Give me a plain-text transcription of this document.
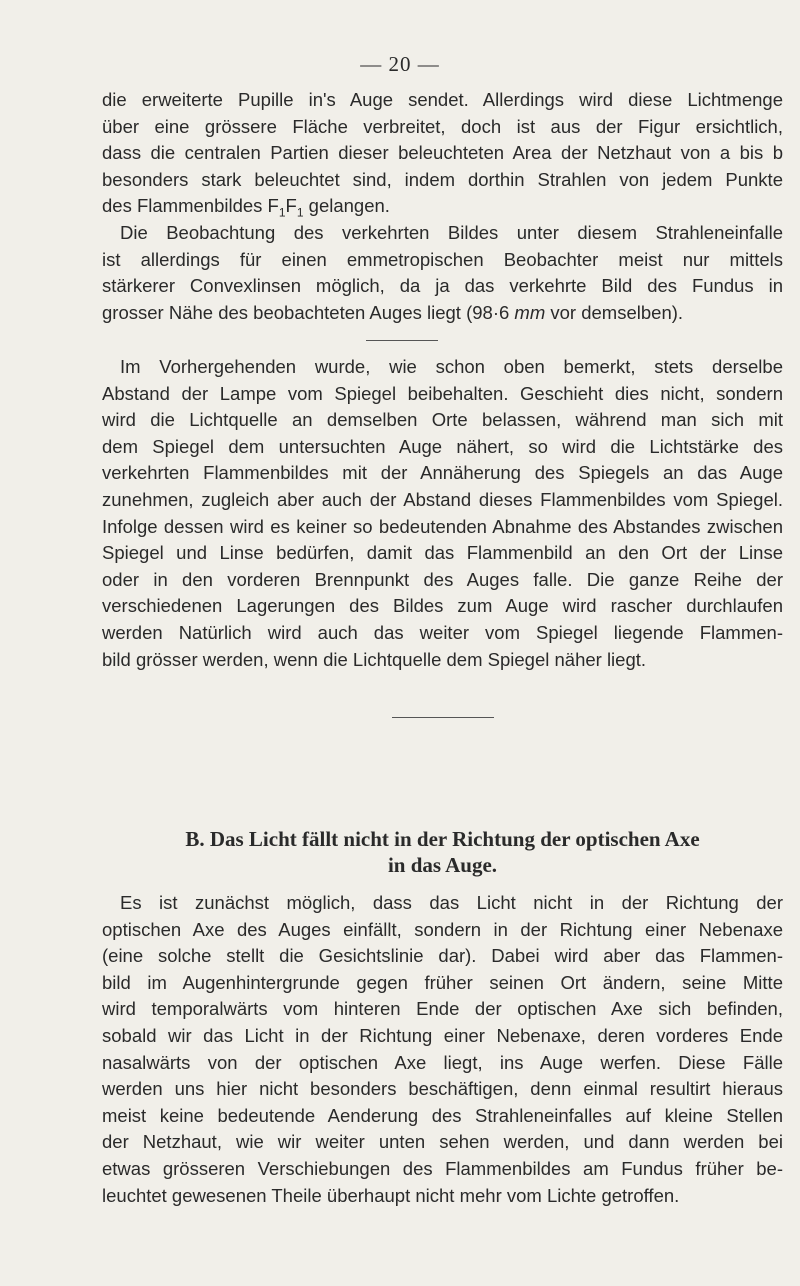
— 20 —
die erweiterte Pupille in's Auge sendet. Allerdings wird diese Lichtmenge
über eine grössere Fläche verbreitet, doch ist aus der Figur ersichtlich,
dass die centralen Partien dieser beleuchteten Area der Netzhaut von a bis b
besonders stark beleuchtet sind, indem dorthin Strahlen von jedem Punkte
des Flammenbildes $F_1F_1$ gelangen.
Die Beobachtung des verkehrten Bildes unter diesem Strahleneinfalle
ist allerdings für einen emmetropischen Beobachter meist nur mittels
stärkerer Convexlinsen möglich, da ja das verkehrte Bild des Fundus in
grosser Nähe des beobachteten Auges liegt (98·6 mm vor demselben).
Im Vorhergehenden wurde, wie schon oben bemerkt, stets derselbe
Abstand der Lampe vom Spiegel beibehalten. Geschieht dies nicht, sondern
wird die Lichtquelle an demselben Orte belassen, während man sich mit
dem Spiegel dem untersuchten Auge nähert, so wird die Lichtstärke des
verkehrten Flammenbildes mit der Annäherung des Spiegels an das Auge
zunehmen, zugleich aber auch der Abstand dieses Flammenbildes vom Spiegel.
Infolge dessen wird es keiner so bedeutenden Abnahme des Abstandes zwischen
Spiegel und Linse bedürfen, damit das Flammenbild an den Ort der Linse
oder in den vorderen Brennpunkt des Auges falle. Die ganze Reihe der
verschiedenen Lagerungen des Bildes zum Auge wird rascher durchlaufen
werden Natürlich wird auch das weiter vom Spiegel liegende Flammen-
bild grösser werden, wenn die Lichtquelle dem Spiegel näher liegt.
B. Das Licht fällt nicht in der Richtung der optischen Axe
in das Auge.
Es ist zunächst möglich, dass das Licht nicht in der Richtung der
optischen Axe des Auges einfällt, sondern in der Richtung einer Nebenaxe
(eine solche stellt die Gesichtslinie dar). Dabei wird aber das Flammen-
bild im Augenhintergrunde gegen früher seinen Ort ändern, seine Mitte
wird temporalwärts vom hinteren Ende der optischen Axe sich befinden,
sobald wir das Licht in der Richtung einer Nebenaxe, deren vorderes Ende
nasalwärts von der optischen Axe liegt, ins Auge werfen. Diese Fälle
werden uns hier nicht besonders beschäftigen, denn einmal resultirt hieraus
meist keine bedeutende Aenderung des Strahleneinfalles auf kleine Stellen
der Netzhaut, wie wir weiter unten sehen werden, und dann werden bei
etwas grösseren Verschiebungen des Flammenbildes am Fundus früher be-
leuchtet gewesenen Theile überhaupt nicht mehr vom Lichte getroffen.
